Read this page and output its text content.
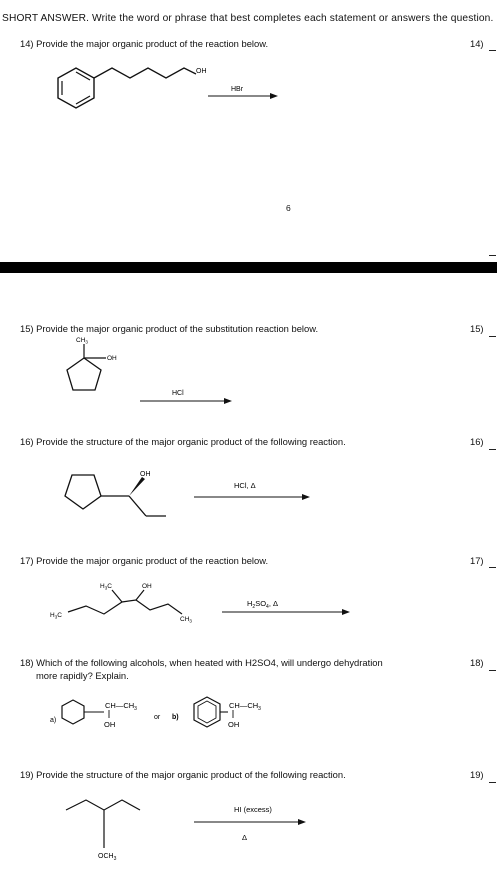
SHORT ANSWER. Write the word or phrase that best completes each statement or answers the question.
14) Provide the major organic product of the reaction below.	14)
OH
HBr
6
15) Provide the major organic product of the substitution reaction below.	15)
$CH_3$
OH
HCl
16) Provide the structure of the major organic product of the following reaction.	16)
OH
HCl, Δ
17) Provide the major organic product of the reaction below.	17)
$H_3C$	OH
$H_3C$
$CH_3$
$H_2SO_4$, Δ
18) Which of the following alcohols, when heated with H2SO4, will undergo dehydration
more rapidly? Explain.
18)
a)
$CH—CH_3$
OH
or b)
$CH—CH_3$
OH
19) Provide the structure of the major organic product of the following reaction.	19)
$OCH_3$
HI (excess)
Δ
